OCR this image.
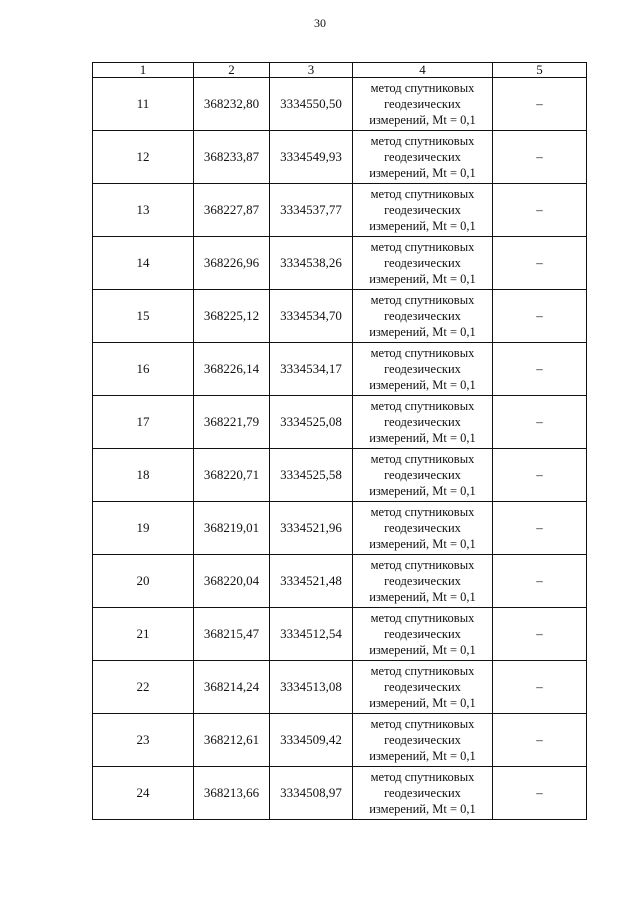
30
1	2	3	4	5
11	368232,80	3334550,50	метод спутниковых
геодезических
измерений, Mt = 0,1	–
12	368233,87	3334549,93	метод спутниковых
геодезических
измерений, Mt = 0,1	–
13	368227,87	3334537,77	метод спутниковых
геодезических
измерений, Mt = 0,1	–
14	368226,96	3334538,26	метод спутниковых
геодезических
измерений, Mt = 0,1	–
15	368225,12	3334534,70	метод спутниковых
геодезических
измерений, Mt = 0,1	–
16	368226,14	3334534,17	метод спутниковых
геодезических
измерений, Mt = 0,1	–
17	368221,79	3334525,08	метод спутниковых
геодезических
измерений, Mt = 0,1	–
18	368220,71	3334525,58	метод спутниковых
геодезических
измерений, Mt = 0,1	–
19	368219,01	3334521,96	метод спутниковых
геодезических
измерений, Mt = 0,1	–
20	368220,04	3334521,48	метод спутниковых
геодезических
измерений, Mt = 0,1	–
21	368215,47	3334512,54	метод спутниковых
геодезических
измерений, Mt = 0,1	–
22	368214,24	3334513,08	метод спутниковых
геодезических
измерений, Mt = 0,1	–
23	368212,61	3334509,42	метод спутниковых
геодезических
измерений, Mt = 0,1	–
24	368213,66	3334508,97	метод спутниковых
геодезических
измерений, Mt = 0,1	–
